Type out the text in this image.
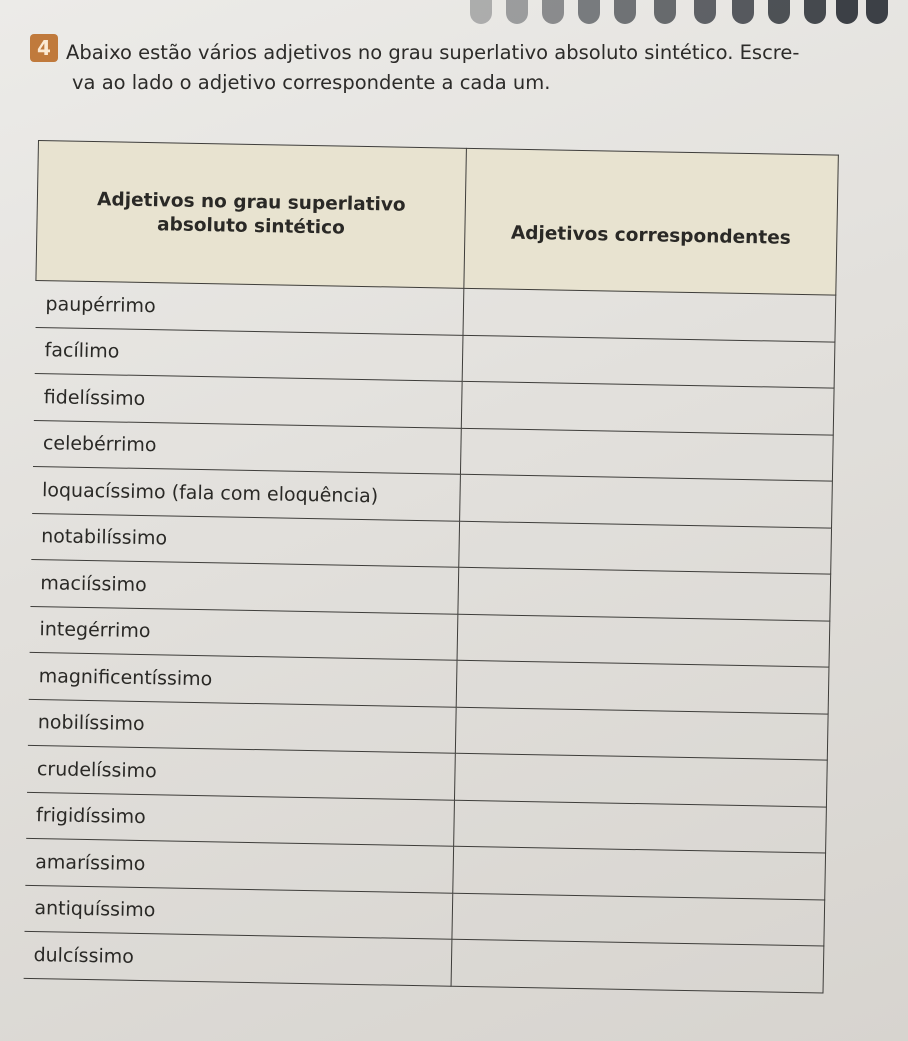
4 Abaixo estão vários adjetivos no grau superlativo absoluto sintético. Escre-
va ao lado o adjetivo correspondente a cada um.
Adjetivos no grau superlativo
absoluto sintético	Adjetivos correspondentes
paupérrimo	
facílimo	
fidelíssimo	
celebérrimo	
loquacíssimo (fala com eloquência)	
notabilíssimo	
maciíssimo	
integérrimo	
magnificentíssimo	
nobilíssimo	
crudelíssimo	
frigidíssimo	
amaríssimo	
antiquíssimo	
dulcíssimo	
